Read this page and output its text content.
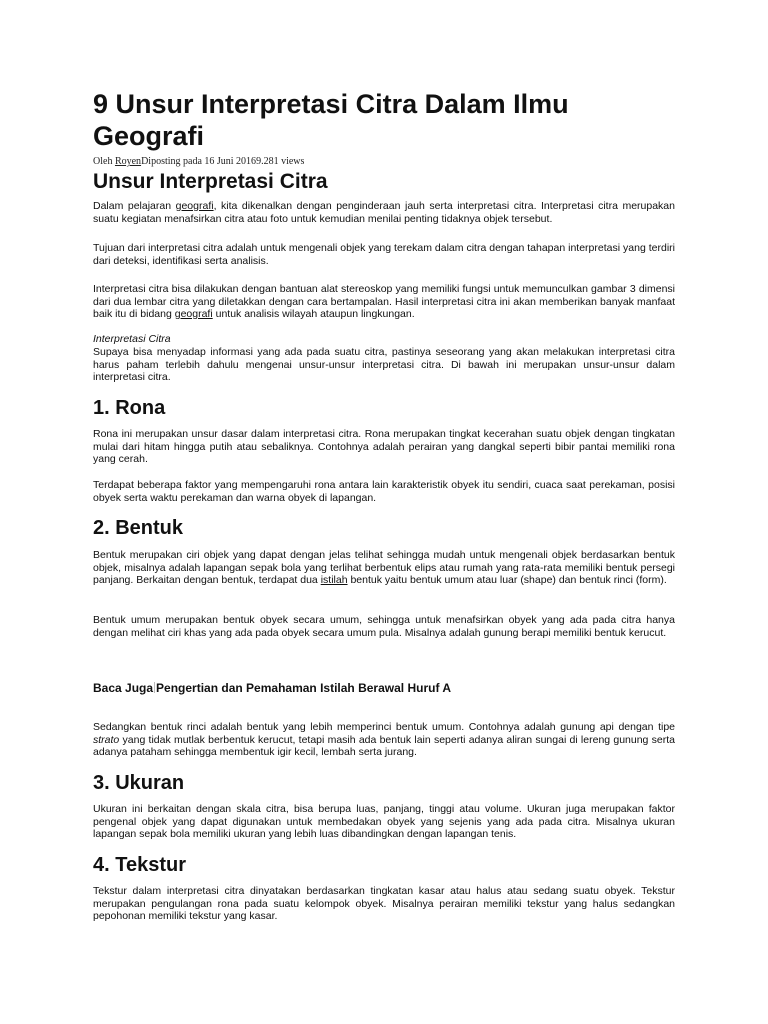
9 Unsur Interpretasi Citra Dalam Ilmu Geografi
Oleh RoyenDiposting pada 16 Juni 20169.281 views
Unsur Interpretasi Citra

Dalam pelajaran geografi, kita dikenalkan dengan penginderaan jauh serta interpretasi citra. Interpretasi citra merupakan suatu kegiatan menafsirkan citra atau foto untuk kemudian menilai penting tidaknya objek tersebut.

Tujuan dari interpretasi citra adalah untuk mengenali objek yang terekam dalam citra dengan tahapan interpretasi yang terdiri dari deteksi, identifikasi serta analisis.

Interpretasi citra bisa dilakukan dengan bantuan alat stereoskop yang memiliki fungsi untuk memunculkan gambar 3 dimensi dari dua lembar citra yang diletakkan dengan cara bertampalan. Hasil interpretasi citra ini akan memberikan banyak manfaat baik itu di bidang geografi untuk analisis wilayah ataupun lingkungan.

Interpretasi Citra

Supaya bisa menyadap informasi yang ada pada suatu citra, pastinya seseorang yang akan melakukan interpretasi citra harus paham terlebih dahulu mengenai unsur-unsur interpretasi citra. Di bawah ini merupakan unsur-unsur dalam interpretasi citra.

1. Rona

Rona ini merupakan unsur dasar dalam interpretasi citra. Rona merupakan tingkat kecerahan suatu objek dengan tingkatan mulai dari hitam hingga putih atau sebaliknya. Contohnya adalah perairan yang dangkal seperti bibir pantai memiliki rona yang cerah.

Terdapat beberapa faktor yang mempengaruhi rona antara lain karakteristik obyek itu sendiri, cuaca saat perekaman, posisi obyek serta waktu perekaman dan warna obyek di lapangan.

2. Bentuk

Bentuk merupakan ciri objek yang dapat dengan jelas telihat sehingga mudah untuk mengenali objek berdasarkan bentuk objek, misalnya adalah lapangan sepak bola yang terlihat berbentuk elips atau rumah yang rata-rata memiliki bentuk persegi panjang. Berkaitan dengan bentuk, terdapat dua istilah bentuk yaitu bentuk umum atau luar (shape) dan bentuk rinci (form).

Bentuk umum merupakan bentuk obyek secara umum, sehingga untuk menafsirkan obyek yang ada pada citra hanya dengan melihat ciri khas yang ada pada obyek secara umum pula. Misalnya adalah gunung berapi memiliki bentuk kerucut.

Baca Juga Pengertian dan Pemahaman Istilah Berawal Huruf A

Sedangkan bentuk rinci adalah bentuk yang lebih memperinci bentuk umum. Contohnya adalah gunung api dengan tipe strato yang tidak mutlak berbentuk kerucut, tetapi masih ada bentuk lain seperti adanya aliran sungai di lereng gunung serta adanya pataham sehingga membentuk igir kecil, lembah serta jurang.

3. Ukuran

Ukuran ini berkaitan dengan skala citra, bisa berupa luas, panjang, tinggi atau volume. Ukuran juga merupakan faktor pengenal objek yang dapat digunakan untuk membedakan obyek yang sejenis yang ada pada citra. Misalnya ukuran lapangan sepak bola memiliki ukuran yang lebih luas dibandingkan dengan lapangan tenis.

4. Tekstur

Tekstur dalam interpretasi citra dinyatakan berdasarkan tingkatan kasar atau halus atau sedang suatu obyek. Tekstur merupakan pengulangan rona pada suatu kelompok obyek. Misalnya perairan memiliki tekstur yang halus sedangkan pepohonan memiliki tekstur yang kasar.
